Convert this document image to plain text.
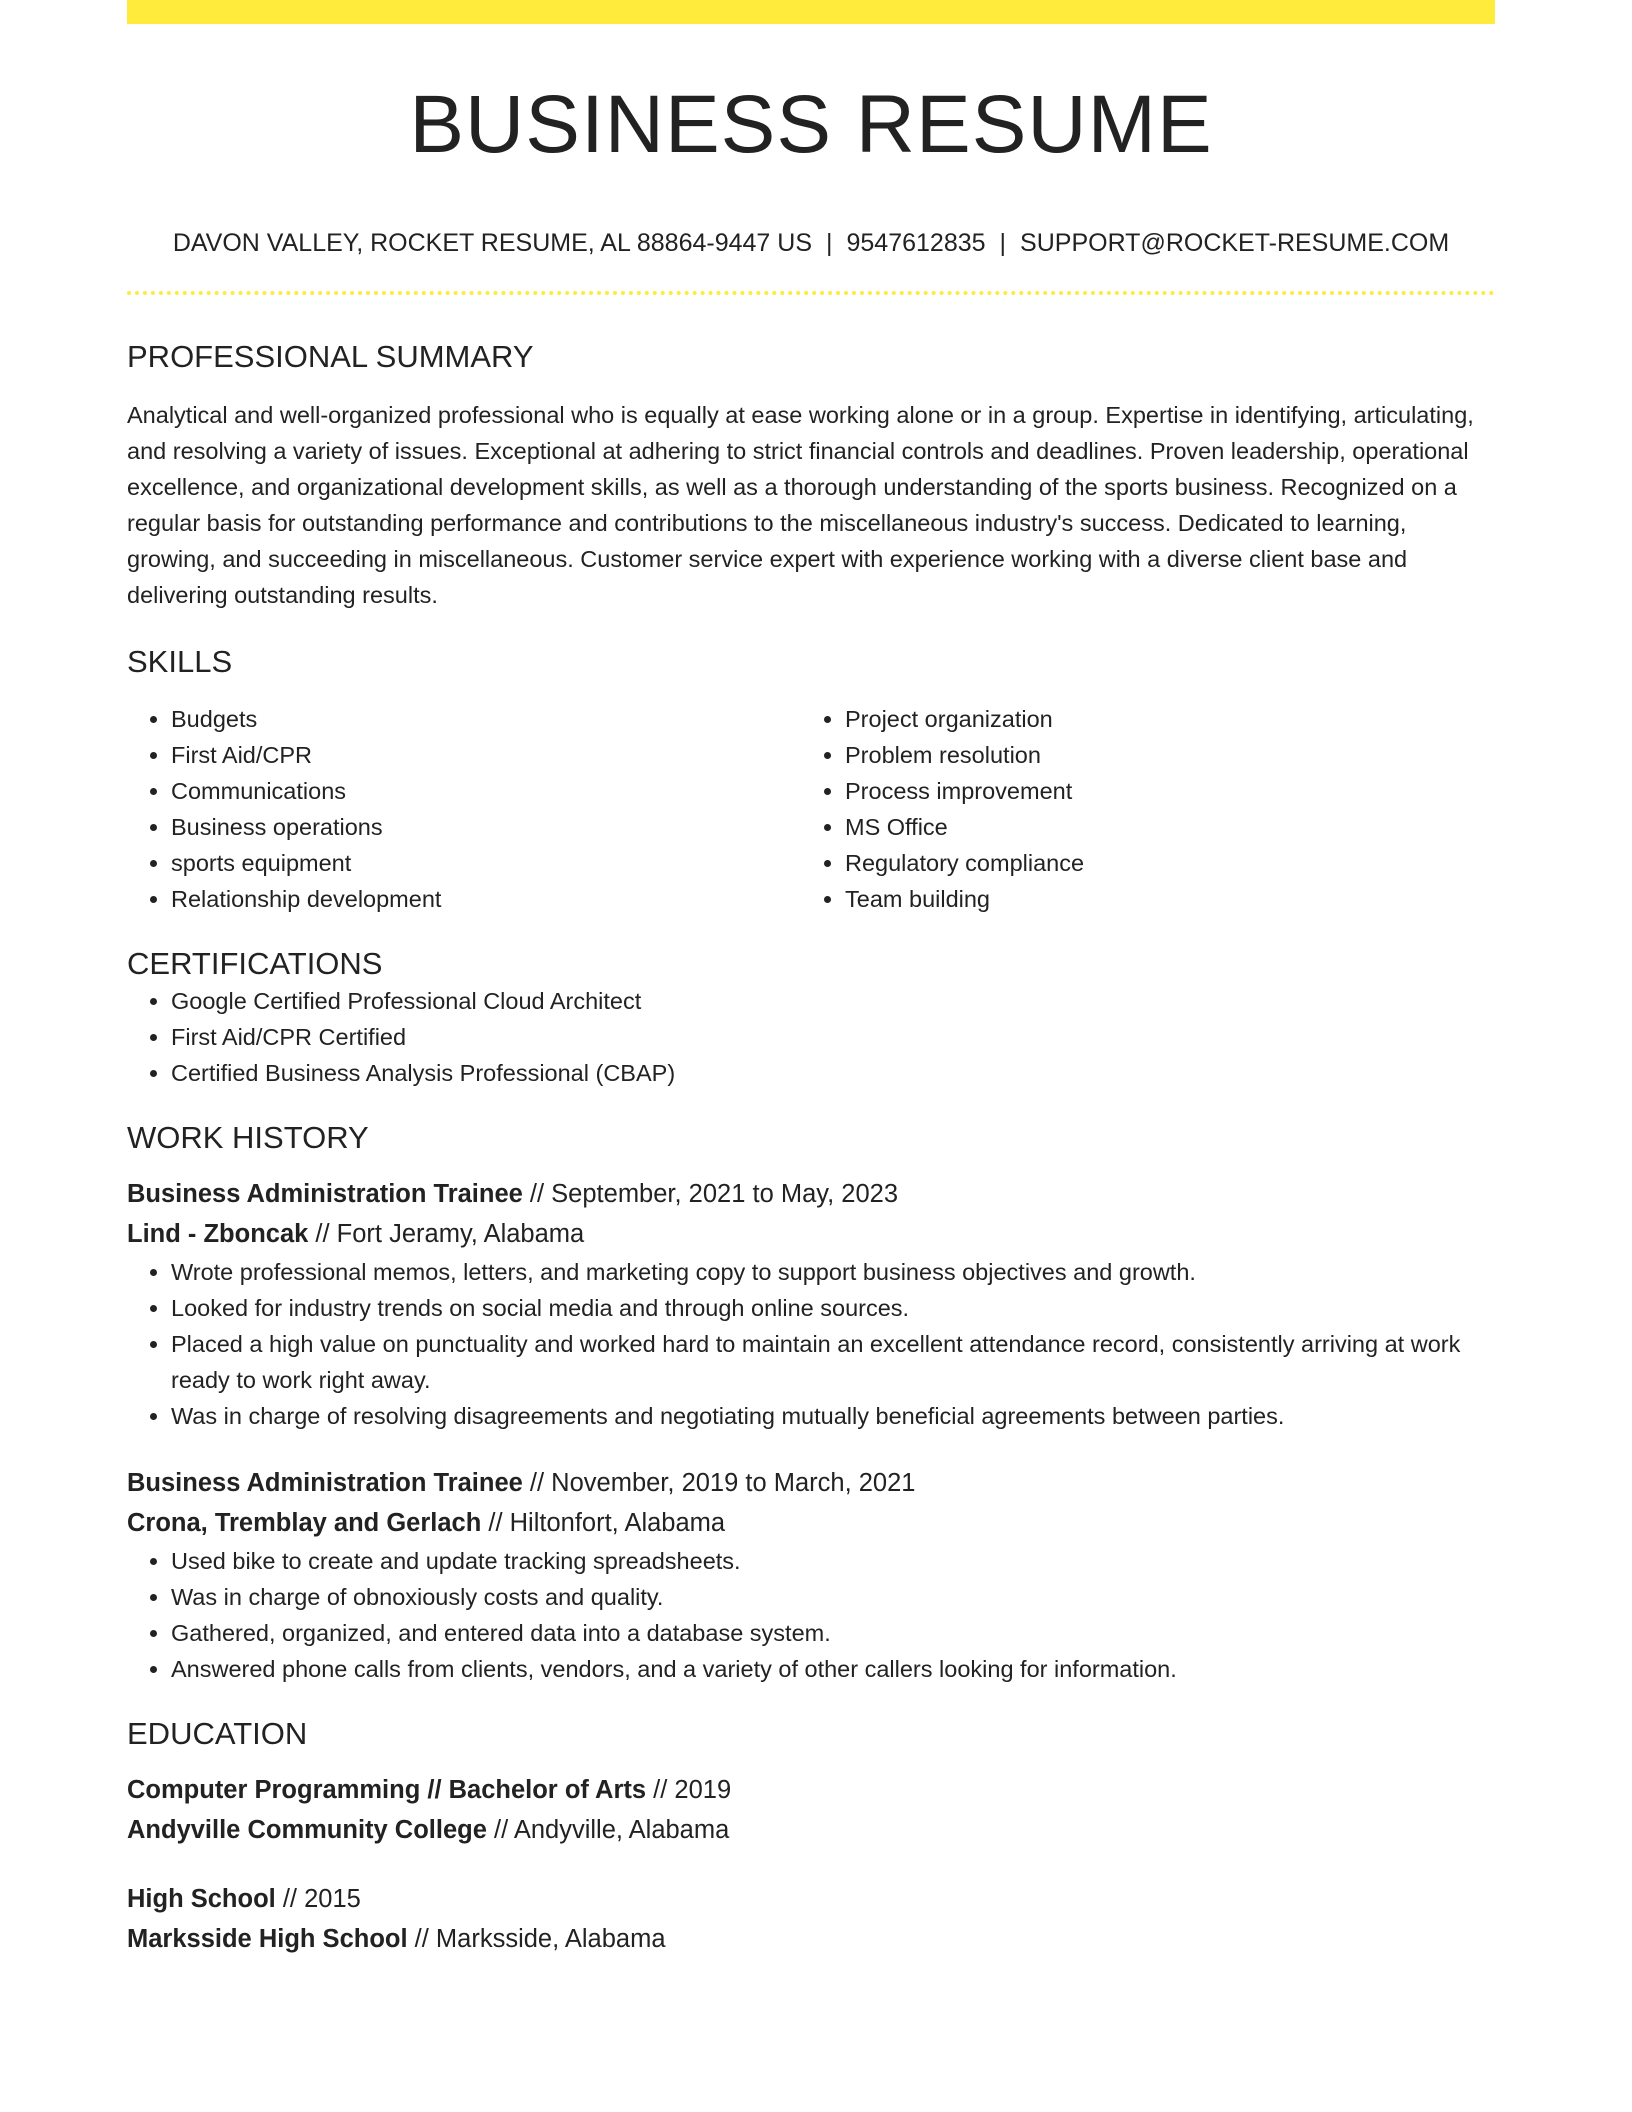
BUSINESS RESUME
DAVON VALLEY, ROCKET RESUME, AL 88864-9447 US | 9547612835 | SUPPORT@ROCKET-RESUME.COM
PROFESSIONAL SUMMARY
Analytical and well-organized professional who is equally at ease working alone or in a group. Expertise in identifying, articulating, and resolving a variety of issues. Exceptional at adhering to strict financial controls and deadlines. Proven leadership, operational excellence, and organizational development skills, as well as a thorough understanding of the sports business. Recognized on a regular basis for outstanding performance and contributions to the miscellaneous industry's success. Dedicated to learning, growing, and succeeding in miscellaneous. Customer service expert with experience working with a diverse client base and delivering outstanding results.
SKILLS
• Budgets
• First Aid/CPR
• Communications
• Business operations
• sports equipment
• Relationship development
• Project organization
• Problem resolution
• Process improvement
• MS Office
• Regulatory compliance
• Team building
CERTIFICATIONS
• Google Certified Professional Cloud Architect
• First Aid/CPR Certified
• Certified Business Analysis Professional (CBAP)
WORK HISTORY
Business Administration Trainee // September, 2021 to May, 2023
Lind - Zboncak // Fort Jeramy, Alabama
• Wrote professional memos, letters, and marketing copy to support business objectives and growth.
• Looked for industry trends on social media and through online sources.
• Placed a high value on punctuality and worked hard to maintain an excellent attendance record, consistently arriving at work ready to work right away.
• Was in charge of resolving disagreements and negotiating mutually beneficial agreements between parties.
Business Administration Trainee // November, 2019 to March, 2021
Crona, Tremblay and Gerlach // Hiltonfort, Alabama
• Used bike to create and update tracking spreadsheets.
• Was in charge of obnoxiously costs and quality.
• Gathered, organized, and entered data into a database system.
• Answered phone calls from clients, vendors, and a variety of other callers looking for information.
EDUCATION
Computer Programming // Bachelor of Arts // 2019
Andyville Community College // Andyville, Alabama
High School // 2015
Marksside High School // Marksside, Alabama
